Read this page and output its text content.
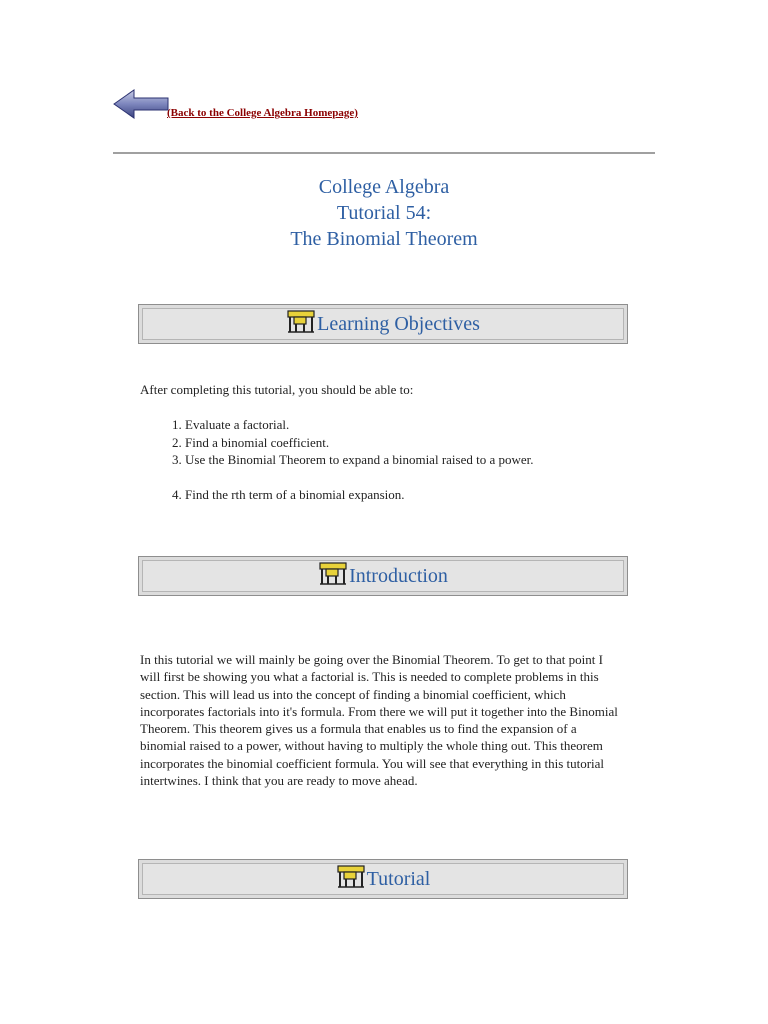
(Back to the College Algebra Homepage)
College Algebra
Tutorial 54:
The Binomial Theorem
Learning Objectives
After completing this tutorial, you should be able to:
1. Evaluate a factorial.
2. Find a binomial coefficient.
3. Use the Binomial Theorem to expand a binomial raised to a power.
4. Find the rth term of a binomial expansion.
Introduction
In this tutorial we will mainly be going over the Binomial Theorem. To get to that point I will first be showing you what a factorial is. This is needed to complete problems in this section. This will lead us into the concept of finding a binomial coefficient, which incorporates factorials into it's formula. From there we will put it together into the Binomial Theorem. This theorem gives us a formula that enables us to find the expansion of a binomial raised to a power, without having to multiply the whole thing out. This theorem incorporates the binomial coefficient formula. You will see that everything in this tutorial intertwines. I think that you are ready to move ahead.
Tutorial
